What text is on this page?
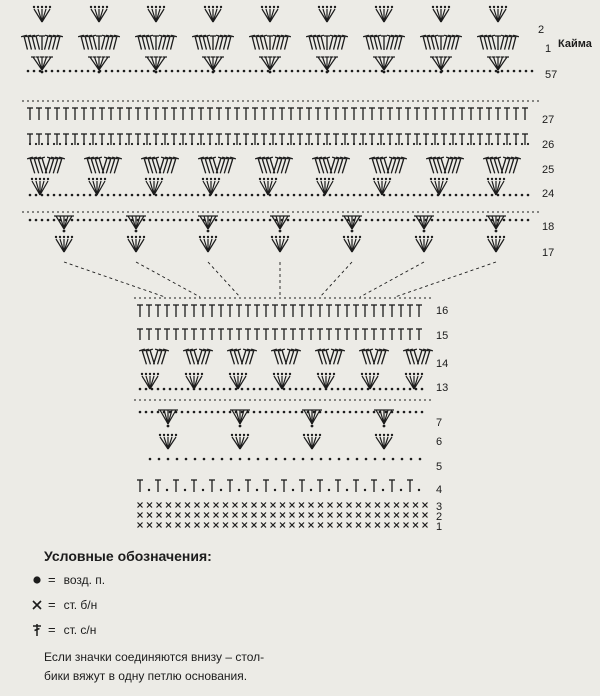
2
1 Кайма
57
27
26
25
24
18
17
16
15
14
13
7
6
5
4
3
2
1
Условные обозначения:
= возд. п.
= ст. б/н
= ст. с/н
Если значки соединяются внизу – стол-
бики вяжут в одну петлю основания.
